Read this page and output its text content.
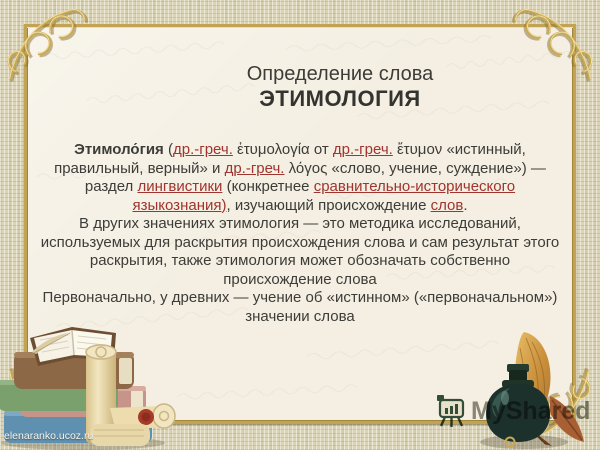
Определение слова
ЭТИМОЛОГИЯ
Этимоло́гия (др.-греч. ἐτυμολογία от др.-греч. ἔτυμον «истинный,
правильный, верный» и др.-греч. λόγος «слово, учение, суждение») —
раздел лингвистики (конкретнее сравнительно-исторического
языкознания), изучающий происхождение слов.
В других значениях этимология — это методика исследований,
используемых для раскрытия происхождения слова и сам результат этого
раскрытия, также этимология может обозначать собственно
происхождение слова
Первоначально, у древних — учение об «истинном» («первоначальном»)
значении слова
MyShared
elenaranko.ucoz.ru
